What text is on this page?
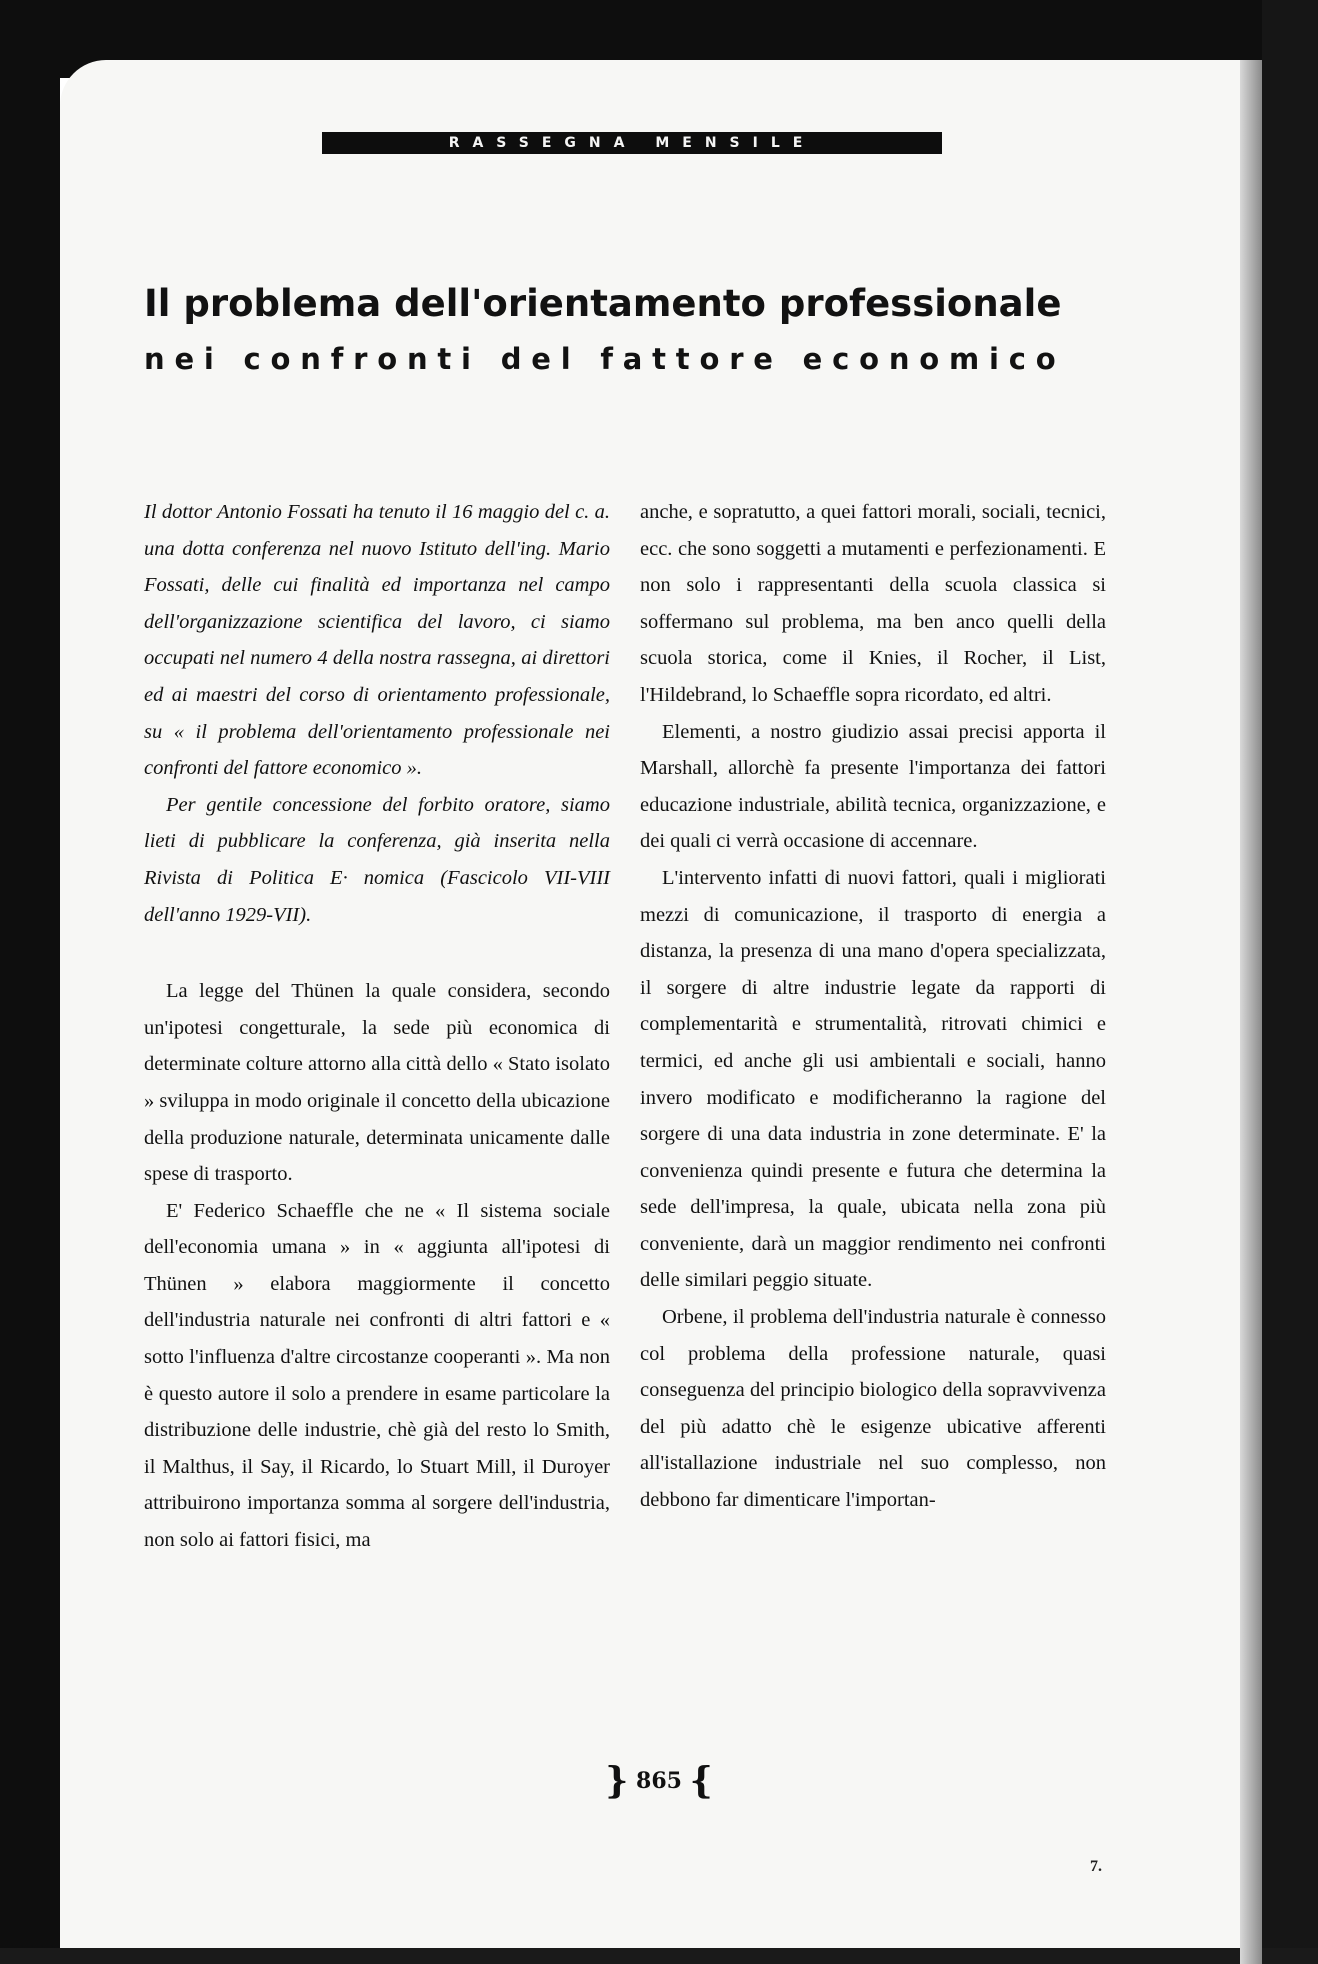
RASSEGNA MENSILE
Il problema dell'orientamento professionale
nei confronti del fattore economico

Il dottor Antonio Fossati ha tenuto il 16 maggio del c. a. una dotta conferenza nel nuovo Istituto dell'ing. Mario Fossati, delle cui finalità ed importanza nel campo dell'organizzazione scientifica del lavoro, ci siamo occupati nel numero 4 della nostra rassegna, ai direttori ed ai maestri del corso di orientamento professionale, su « il problema dell'orientamento professionale nei confronti del fattore economico ».

Per gentile concessione del forbito oratore, siamo lieti di pubblicare la conferenza, già inserita nella Rivista di Politica E· nomica (Fascicolo VII-VIII dell'anno 1929-VII).

La legge del Thünen la quale considera, secondo un'ipotesi congetturale, la sede più economica di determinate colture attorno alla città dello « Stato isolato » sviluppa in modo originale il concetto della ubicazione della produzione naturale, determinata unicamente dalle spese di trasporto.

E' Federico Schaeffle che ne « Il sistema sociale dell'economia umana » in « aggiunta all'ipotesi di Thünen » elabora maggiormente il concetto dell'industria naturale nei confronti di altri fattori e « sotto l'influenza d'altre circostanze cooperanti ». Ma non è questo autore il solo a prendere in esame particolare la distribuzione delle industrie, chè già del resto lo Smith, il Malthus, il Say, il Ricardo, lo Stuart Mill, il Duroyer attribuirono importanza somma al sorgere dell'industria, non solo ai fattori fisici, ma

anche, e sopratutto, a quei fattori morali, sociali, tecnici, ecc. che sono soggetti a mutamenti e perfezionamenti. E non solo i rappresentanti della scuola classica si soffermano sul problema, ma ben anco quelli della scuola storica, come il Knies, il Rocher, il List, l'Hildebrand, lo Schaeffle sopra ricordato, ed altri.

Elementi, a nostro giudizio assai precisi apporta il Marshall, allorchè fa presente l'importanza dei fattori educazione industriale, abilità tecnica, organizzazione, e dei quali ci verrà occasione di accennare.

L'intervento infatti di nuovi fattori, quali i migliorati mezzi di comunicazione, il trasporto di energia a distanza, la presenza di una mano d'opera specializzata, il sorgere di altre industrie legate da rapporti di complementarità e strumentalità, ritrovati chimici e termici, ed anche gli usi ambientali e sociali, hanno invero modificato e modificheranno la ragione del sorgere di una data industria in zone determinate. E' la convenienza quindi presente e futura che determina la sede dell'impresa, la quale, ubicata nella zona più conveniente, darà un maggior rendimento nei confronti delle similari peggio situate.

Orbene, il problema dell'industria naturale è connesso col problema della professione naturale, quasi conseguenza del principio biologico della sopravvivenza del più adatto chè le esigenze ubicative afferenti all'istallazione industriale nel suo complesso, non debbono far dimenticare l'importan-

} 865 {
7.
